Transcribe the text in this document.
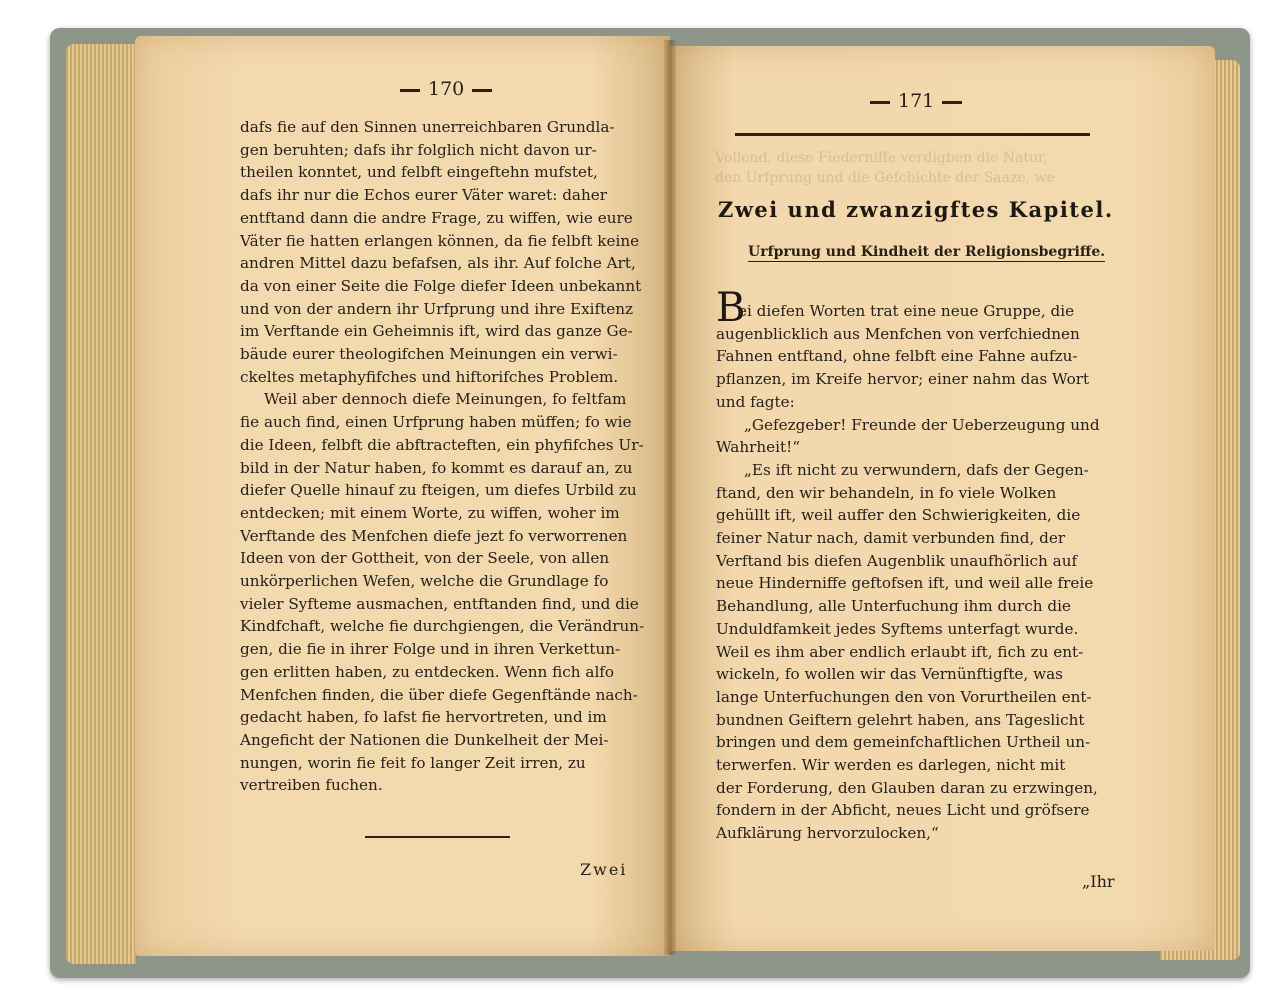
170

dafs fie auf den Sinnen unerreichbaren Grundla-

gen beruhten; dafs ihr folglich nicht davon ur-

theilen konntet, und felbft eingeftehn mufstet,

dafs ihr nur die Echos eurer Väter waret: daher

entftand dann die andre Frage, zu wiffen, wie eure

Väter fie hatten erlangen können, da fie felbft keine

andren Mittel dazu befafsen, als ihr. Auf folche Art,

da von einer Seite die Folge diefer Ideen unbekannt

und von der andern ihr Urfprung und ihre Exiftenz

im Verftande ein Geheimnis ift, wird das ganze Ge-

bäude eurer theologifchen Meinungen ein verwi-

ckeltes metaphyfifches und hiftorifches Problem.

Weil aber dennoch diefe Meinungen, fo feltfam

fie auch find, einen Urfprung haben müffen; fo wie

die Ideen, felbft die abftracteften, ein phyfifches Ur-

bild in der Natur haben, fo kommt es darauf an, zu

diefer Quelle hinauf zu fteigen, um diefes Urbild zu

entdecken; mit einem Worte, zu wiffen, woher im

Verftande des Menfchen diefe jezt fo verworrenen

Ideen von der Gottheit, von der Seele, von allen

unkörperlichen Wefen, welche die Grundlage fo

vieler Syfteme ausmachen, entftanden find, und die

Kindfchaft, welche fie durchgiengen, die Verändrun-

gen, die fie in ihrer Folge und in ihren Verkettun-

gen erlitten haben, zu entdecken. Wenn fich alfo

Menfchen finden, die über diefe Gegenftände nach-

gedacht haben, fo lafst fie hervortreten, und im

Angeficht der Nationen die Dunkelheit der Mei-

nungen, worin fie feit fo langer Zeit irren, zu

vertreiben fuchen.

Zwei
171
Vollend, diese Fiederniffe verdigben die Natur,
den Urfprung und die Gefchichte der Saaze, we
Zwei und zwanzigftes Kapitel.
Urfprung und Kindheit der Religionsbegriffe.
B

ei diefen Worten trat eine neue Gruppe, die

augenblicklich aus Menfchen von verfchiednen

Fahnen entftand, ohne felbft eine Fahne aufzu-

pflanzen, im Kreife hervor; einer nahm das Wort

und fagte:

„Gefezgeber! Freunde der Ueberzeugung und

Wahrheit!“

„Es ift nicht zu verwundern, dafs der Gegen-

ftand, den wir behandeln, in fo viele Wolken

gehüllt ift, weil auffer den Schwierigkeiten, die

feiner Natur nach, damit verbunden find, der

Verftand bis diefen Augenblik unaufhörlich auf

neue Hinderniffe geftofsen ift, und weil alle freie

Behandlung, alle Unterfuchung ihm durch die

Unduldfamkeit jedes Syftems unterfagt wurde.

Weil es ihm aber endlich erlaubt ift, fich zu ent-

wickeln, fo wollen wir das Vernünftigfte, was

lange Unterfuchungen den von Vorurtheilen ent-

bundnen Geiftern gelehrt haben, ans Tageslicht

bringen und dem gemeinfchaftlichen Urtheil un-

terwerfen. Wir werden es darlegen, nicht mit

der Forderung, den Glauben daran zu erzwingen,

fondern in der Abficht, neues Licht und gröfsere

Aufklärung hervorzulocken,“

„Ihr
